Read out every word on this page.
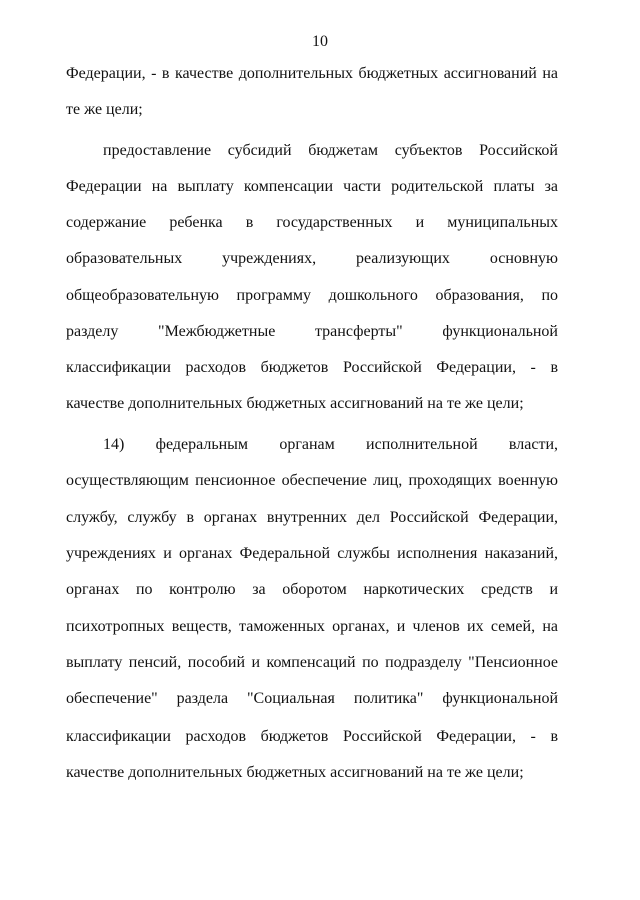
10
Федерации, - в качестве дополнительных бюджетных ассигнований на
те же цели;
предоставление субсидий бюджетам субъектов Российской
Федерации на выплату компенсации части родительской платы за
содержание ребенка в государственных и муниципальных
образовательных учреждениях, реализующих основную
общеобразовательную программу дошкольного образования, по
разделу "Межбюджетные трансферты" функциональной
классификации расходов бюджетов Российской Федерации, - в
качестве дополнительных бюджетных ассигнований на те же цели;
14) федеральным органам исполнительной власти,
осуществляющим пенсионное обеспечение лиц, проходящих военную
службу, службу в органах внутренних дел Российской Федерации,
учреждениях и органах Федеральной службы исполнения наказаний,
органах по контролю за оборотом наркотических средств и
психотропных веществ, таможенных органах, и членов их семей, на
выплату пенсий, пособий и компенсаций по подразделу "Пенсионное
обеспечение" раздела "Социальная политика" функциональной
классификации расходов бюджетов Российской Федерации, - в
качестве дополнительных бюджетных ассигнований на те же цели;
